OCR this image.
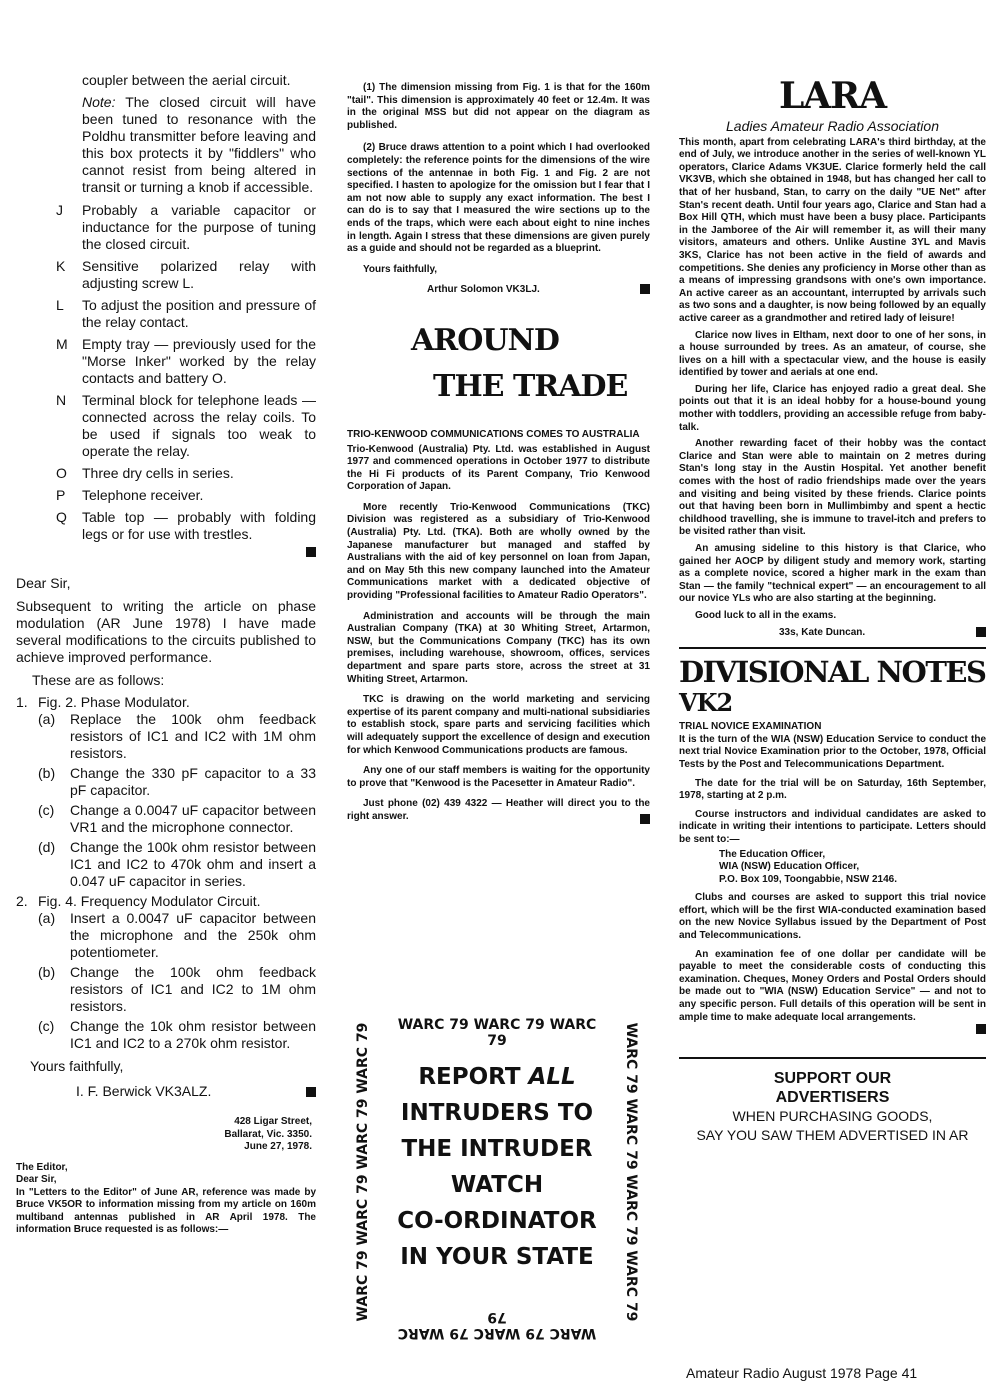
coupler between the aerial circuit.

Note: The closed circuit will have been tuned to resonance with the Poldhu transmitter before leaving and this box protects it by "fiddlers" who cannot resist from being altered in transit or turning a knob if accessible.

J	Probably a variable capacitor or inductance for the purpose of tuning the closed circuit.
K	Sensitive polarized relay with adjusting screw L.
L	To adjust the position and pressure of the relay contact.
M	Empty tray — previously used for the "Morse Inker" worked by the relay contacts and battery O.
N	Terminal block for telephone leads — connected across the relay coils. To be used if signals too weak to operate the relay.
O	Three dry cells in series.
P	Telephone receiver.
Q	Table top — probably with folding legs or for use with trestles.

Dear Sir,

Subsequent to writing the article on phase modulation (AR June 1978) I have made several modifications to the circuits published to achieve improved performance.

These are as follows:

1. Fig. 2. Phase Modulator.
(a)	Replace the 100k ohm feedback resistors of IC1 and IC2 with 1M ohm resistors.
(b)	Change the 330 pF capacitor to a 33 pF capacitor.
(c)	Change a 0.0047 uF capacitor between VR1 and the microphone connector.
(d)	Change the 100k ohm resistor between IC1 and IC2 to 470k ohm and insert a 0.047 uF capacitor in series.
2. Fig. 4. Frequency Modulator Circuit.
(a)	Insert a 0.0047 uF capacitor between the microphone and the 250k ohm potentiometer.
(b)	Change the 100k ohm feedback resistors of IC1 and IC2 to 1M ohm resistors.
(c)	Change the 10k ohm resistor between IC1 and IC2 to a 270k ohm resistor.

Yours faithfully,

I. F. Berwick VK3ALZ.
428 Ligar Street,
Ballarat, Vic. 3350.
June 27, 1978.

The Editor,

Dear Sir,

In "Letters to the Editor" of June AR, reference was made by Bruce VK5OR to information missing from my article on 160m multiband antennas published in AR April 1978. The information Bruce requested is as follows:—

(1) The dimension missing from Fig. 1 is that for the 160m "tail". This dimension is approximately 40 feet or 12.4m. It was in the original MSS but did not appear on the diagram as published.

(2) Bruce draws attention to a point which I had overlooked completely: the reference points for the dimensions of the wire sections of the antennae in both Fig. 1 and Fig. 2 are not specified. I hasten to apologize for the omission but I fear that I am not now able to supply any exact information. The best I can do is to say that I measured the wire sections up to the ends of the traps, which were each about eight to nine inches in length. Again I stress that these dimensions are given purely as a guide and should not be regarded as a blueprint.

Yours faithfully,

Arthur Solomon VK3LJ.
AROUND
THE TRADE

TRIO-KENWOOD COMMUNICATIONS COMES TO AUSTRALIA

Trio-Kenwood (Australia) Pty. Ltd. was established in August 1977 and commenced operations in October 1977 to distribute the Hi Fi products of its Parent Company, Trio Kenwood Corporation of Japan.

More recently Trio-Kenwood Communications (TKC) Division was registered as a subsidiary of Trio-Kenwood (Australia) Pty. Ltd. (TKA). Both are wholly owned by the Japanese manufacturer but managed and staffed by Australians with the aid of key personnel on loan from Japan, and on May 5th this new company launched into the Amateur Communications market with a dedicated objective of providing "Professional facilities to Amateur Radio Operators".

Administration and accounts will be through the main Australian Company (TKA) at 30 Whiting Street, Artarmon, NSW, but the Communications Company (TKC) has its own premises, including warehouse, showroom, offices, services department and spare parts store, across the street at 31 Whiting Street, Artarmon.

TKC is drawing on the world marketing and servicing expertise of its parent company and multi-national subsidiaries to establish stock, spare parts and servicing facilities which will adequately support the excellence of design and execution for which Kenwood Communications products are famous.

Any one of our staff members is waiting for the opportunity to prove that "Kenwood is the Pacesetter in Amateur Radio".

Just phone (02) 439 4322 — Heather will direct you to the right answer.

WARC 79 WARC 79 WARC 79
WARC 79 WARC 79 WARC 79
WARC 79 WARC 79 WARC 79 WARC 79	WARC 79 WARC 79 WARC 79 WARC 79
REPORT ALL
INTRUDERS TO
THE INTRUDER
WATCH
CO-ORDINATOR
IN YOUR STATE
LARA
Ladies Amateur Radio Association

This month, apart from celebrating LARA's third birthday, at the end of July, we introduce another in the series of well-known YL operators, Clarice Adams VK3UE. Clarice formerly held the call VK3VB, which she obtained in 1948, but has changed her call to that of her husband, Stan, to carry on the daily "UE Net" after Stan's recent death. Until four years ago, Clarice and Stan had a Box Hill QTH, which must have been a busy place. Participants in the Jamboree of the Air will remember it, as will their many visitors, amateurs and others. Unlike Austine 3YL and Mavis 3KS, Clarice has not been active in the field of awards and competitions. She denies any proficiency in Morse other than as a means of impressing grandsons with one's own importance. An active career as an accountant, interrupted by arrivals such as two sons and a daughter, is now being followed by an equally active career as a grandmother and retired lady of leisure!

Clarice now lives in Eltham, next door to one of her sons, in a house surrounded by trees. As an amateur, of course, she lives on a hill with a spectacular view, and the house is easily identified by tower and aerials at one end.

During her life, Clarice has enjoyed radio a great deal. She points out that it is an ideal hobby for a house-bound young mother with toddlers, providing an accessible refuge from baby-talk.

Another rewarding facet of their hobby was the contact Clarice and Stan were able to maintain on 2 metres during Stan's long stay in the Austin Hospital. Yet another benefit comes with the host of radio friendships made over the years and visiting and being visited by these friends. Clarice points out that having been born in Mullimbimby and spent a hectic childhood travelling, she is immune to travel-itch and prefers to be visited rather than visit.

An amusing sideline to this history is that Clarice, who gained her AOCP by diligent study and memory work, starting as a complete novice, scored a higher mark in the exam than Stan — the family "technical expert" — an encouragement to all our novice YLs who are also starting at the beginning.

Good luck to all in the exams.

33s, Kate Duncan.
DIVISIONAL NOTES
VK2

TRIAL NOVICE EXAMINATION

It is the turn of the WIA (NSW) Education Service to conduct the next trial Novice Examination prior to the October, 1978, Official Tests by the Post and Telecommunications Department.

The date for the trial will be on Saturday, 16th September, 1978, starting at 2 p.m.

Course instructors and individual candidates are asked to indicate in writing their intentions to participate. Letters should be sent to:—

The Education Officer,
WIA (NSW) Education Officer,
P.O. Box 109, Toongabbie, NSW 2146.

Clubs and courses are asked to support this trial novice effort, which will be the first WIA-conducted examination based on the new Novice Syllabus issued by the Department of Post and Telecommunications.

An examination fee of one dollar per candidate will be payable to meet the considerable costs of conducting this examination. Cheques, Money Orders and Postal Orders should be made out to "WIA (NSW) Education Service" — and not to any specific person. Full details of this operation will be sent in ample time to make adequate local arrangements.

SUPPORT OUR
ADVERTISERS
WHEN PURCHASING GOODS,
SAY YOU SAW THEM ADVERTISED IN AR
Amateur Radio August 1978 Page 41
